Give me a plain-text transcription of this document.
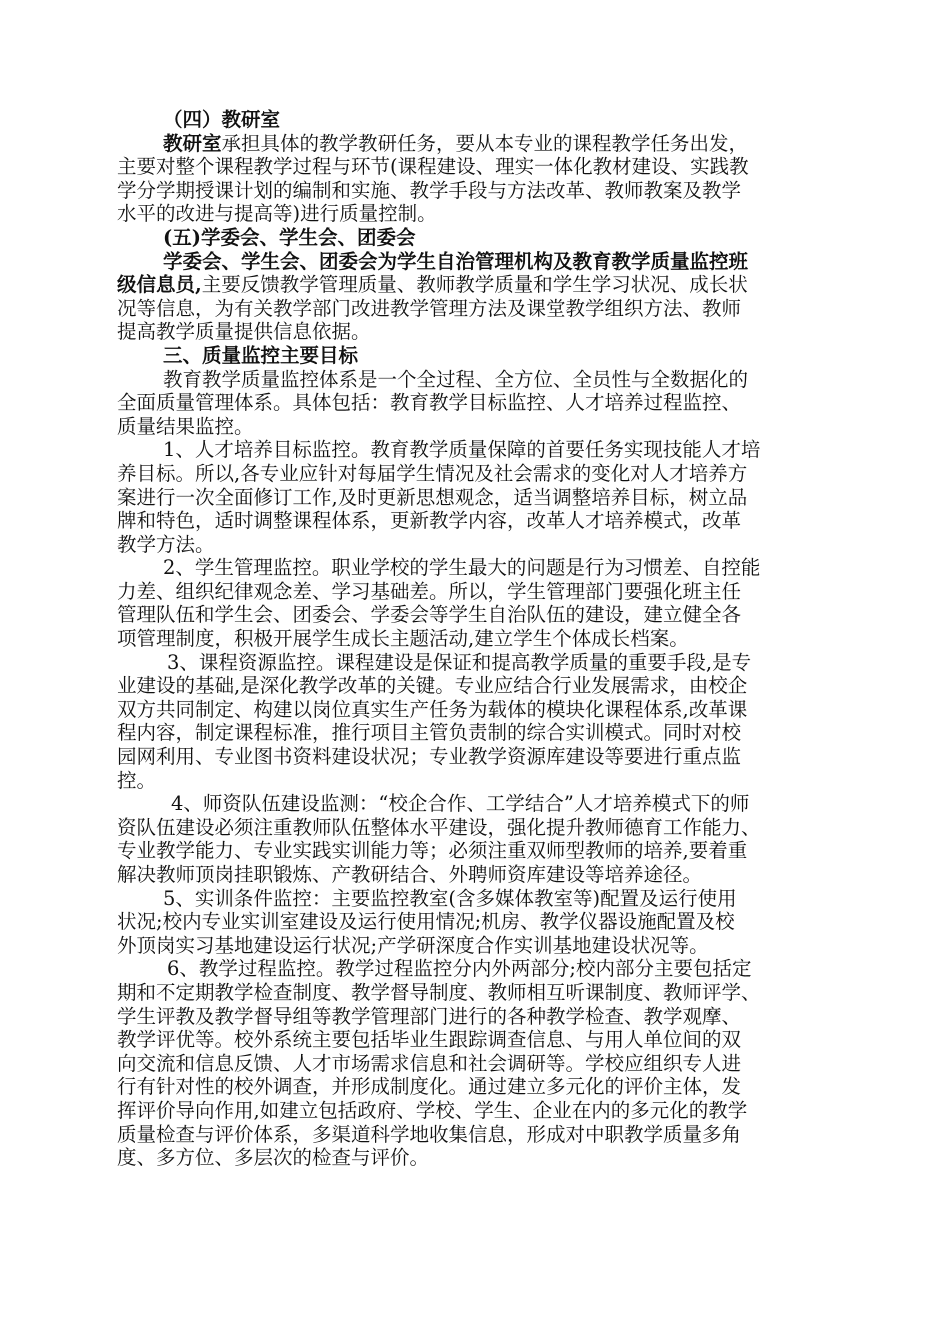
（四）教研室
教研室承担具体的教学教研任务，要从本专业的课程教学任务出发，
主要对整个课程教学过程与环节(课程建设、理实一体化教材建设、实践教
学分学期授课计划的编制和实施、教学手段与方法改革、教师教案及教学
水平的改进与提高等)进行质量控制。
(五)学委会、学生会、团委会
学委会、学生会、团委会为学生自治管理机构及教育教学质量监控班
级信息员,主要反馈教学管理质量、教师教学质量和学生学习状况、成长状
况等信息，为有关教学部门改进教学管理方法及课堂教学组织方法、教师
提高教学质量提供信息依据。
三、质量监控主要目标
教育教学质量监控体系是一个全过程、全方位、全员性与全数据化的
全面质量管理体系。具体包括：教育教学目标监控、人才培养过程监控、
质量结果监控。
1、人才培养目标监控。教育教学质量保障的首要任务实现技能人才培
养目标。所以,各专业应针对每届学生情况及社会需求的变化对人才培养方
案进行一次全面修订工作,及时更新思想观念，适当调整培养目标，树立品
牌和特色，适时调整课程体系，更新教学内容，改革人才培养模式，改革
教学方法。
2、学生管理监控。职业学校的学生最大的问题是行为习惯差、自控能
力差、组织纪律观念差、学习基础差。所以，学生管理部门要强化班主任
管理队伍和学生会、团委会、学委会等学生自治队伍的建设，建立健全各
项管理制度，积极开展学生成长主题活动,建立学生个体成长档案。
3、课程资源监控。课程建设是保证和提高教学质量的重要手段,是专
业建设的基础,是深化教学改革的关键。专业应结合行业发展需求，由校企
双方共同制定、构建以岗位真实生产任务为载体的模块化课程体系,改革课
程内容，制定课程标准，推行项目主管负责制的综合实训模式。同时对校
园网利用、专业图书资料建设状况；专业教学资源库建设等要进行重点监
控。
4、师资队伍建设监测：“校企合作、工学结合”人才培养模式下的师
资队伍建设必须注重教师队伍整体水平建设，强化提升教师德育工作能力、
专业教学能力、专业实践实训能力等；必须注重双师型教师的培养,要着重
解决教师顶岗挂职锻炼、产教研结合、外聘师资库建设等培养途径。
5、实训条件监控：主要监控教室(含多媒体教室等)配置及运行使用
状况;校内专业实训室建设及运行使用情况;机房、教学仪器设施配置及校
外顶岗实习基地建设运行状况;产学研深度合作实训基地建设状况等。
6、教学过程监控。教学过程监控分内外两部分;校内部分主要包括定
期和不定期教学检查制度、教学督导制度、教师相互听课制度、教师评学、
学生评教及教学督导组等教学管理部门进行的各种教学检查、教学观摩、
教学评优等。校外系统主要包括毕业生跟踪调查信息、与用人单位间的双
向交流和信息反馈、人才市场需求信息和社会调研等。学校应组织专人进
行有针对性的校外调查，并形成制度化。通过建立多元化的评价主体，发
挥评价导向作用,如建立包括政府、学校、学生、企业在内的多元化的教学
质量检查与评价体系，多渠道科学地收集信息，形成对中职教学质量多角
度、多方位、多层次的检查与评价。
